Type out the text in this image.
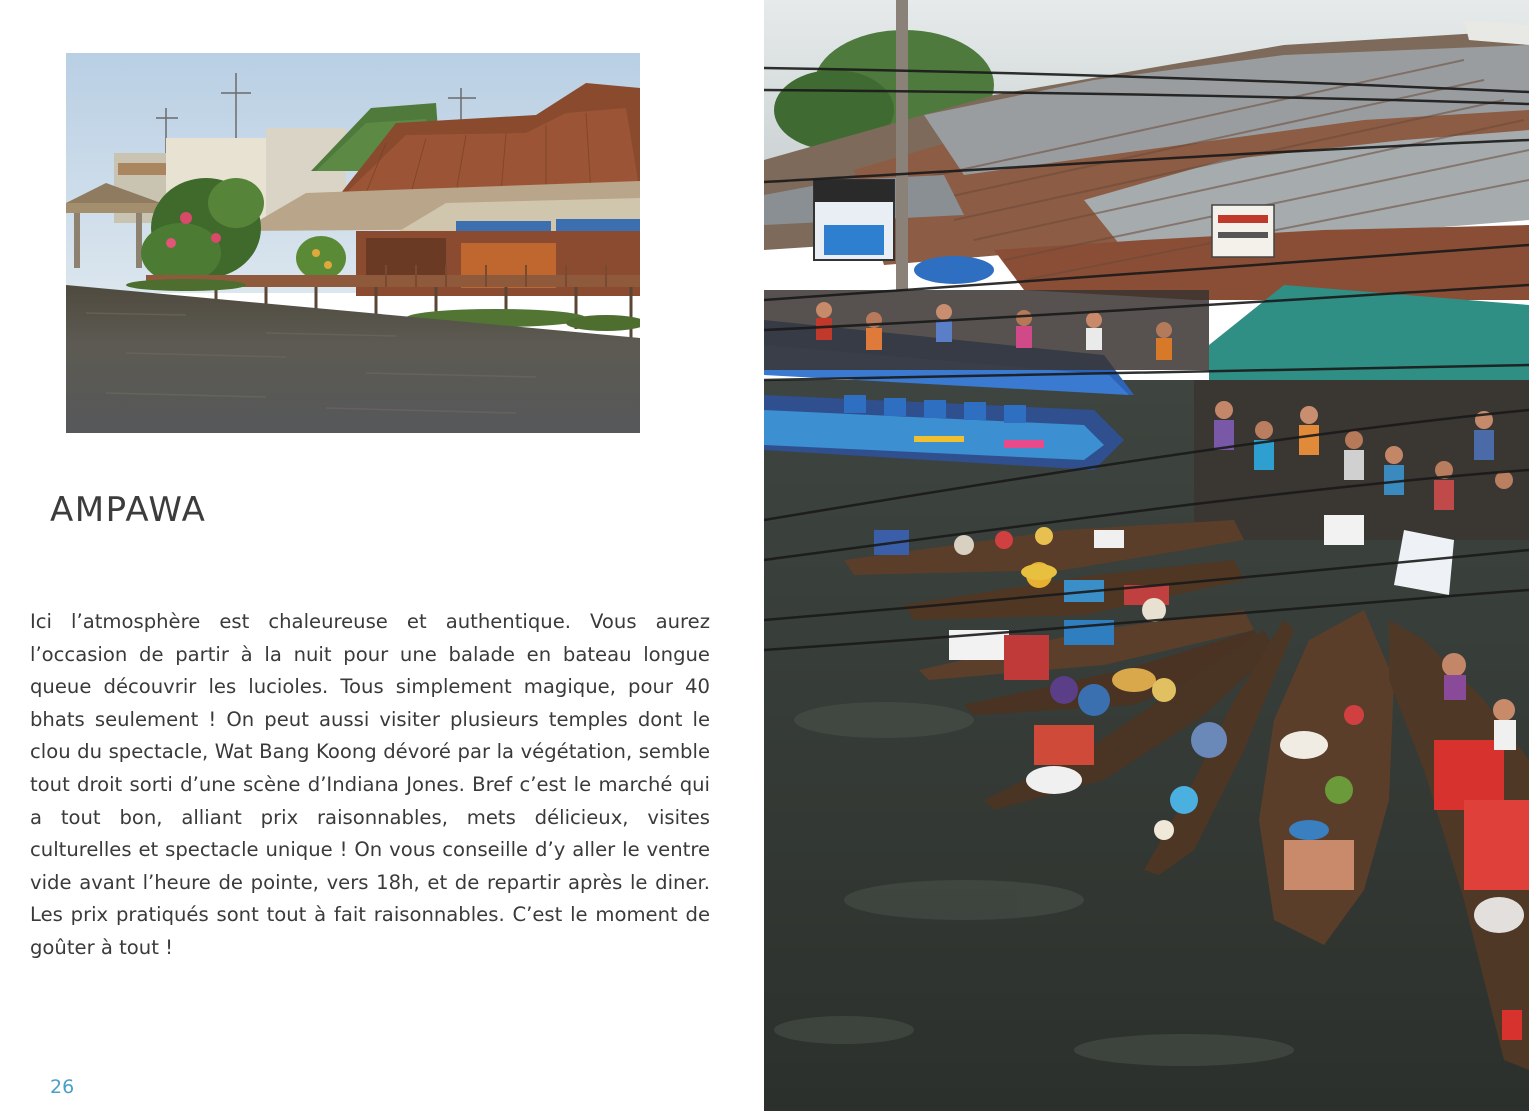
AMPAWA

Ici l’atmosphère est chaleureuse et authentique. Vous aurez l’occasion de partir à la nuit pour une balade en bateau longue queue découvrir les lucioles. Tous simplement magique, pour 40 bhats seulement ! On peut aussi visiter plusieurs temples dont le clou du spectacle, Wat Bang Koong dévoré par la végétation, semble tout droit sorti d’une scène d’Indiana Jones. Bref c’est le marché qui a tout bon, alliant prix raisonnables, mets délicieux, visites culturelles et spectacle unique ! On vous conseille d’y aller le ventre vide avant l’heure de pointe, vers 18h, et de repartir après le diner. Les prix pratiqués sont tout à fait raisonnables. C’est le moment de goûter à tout !

26
